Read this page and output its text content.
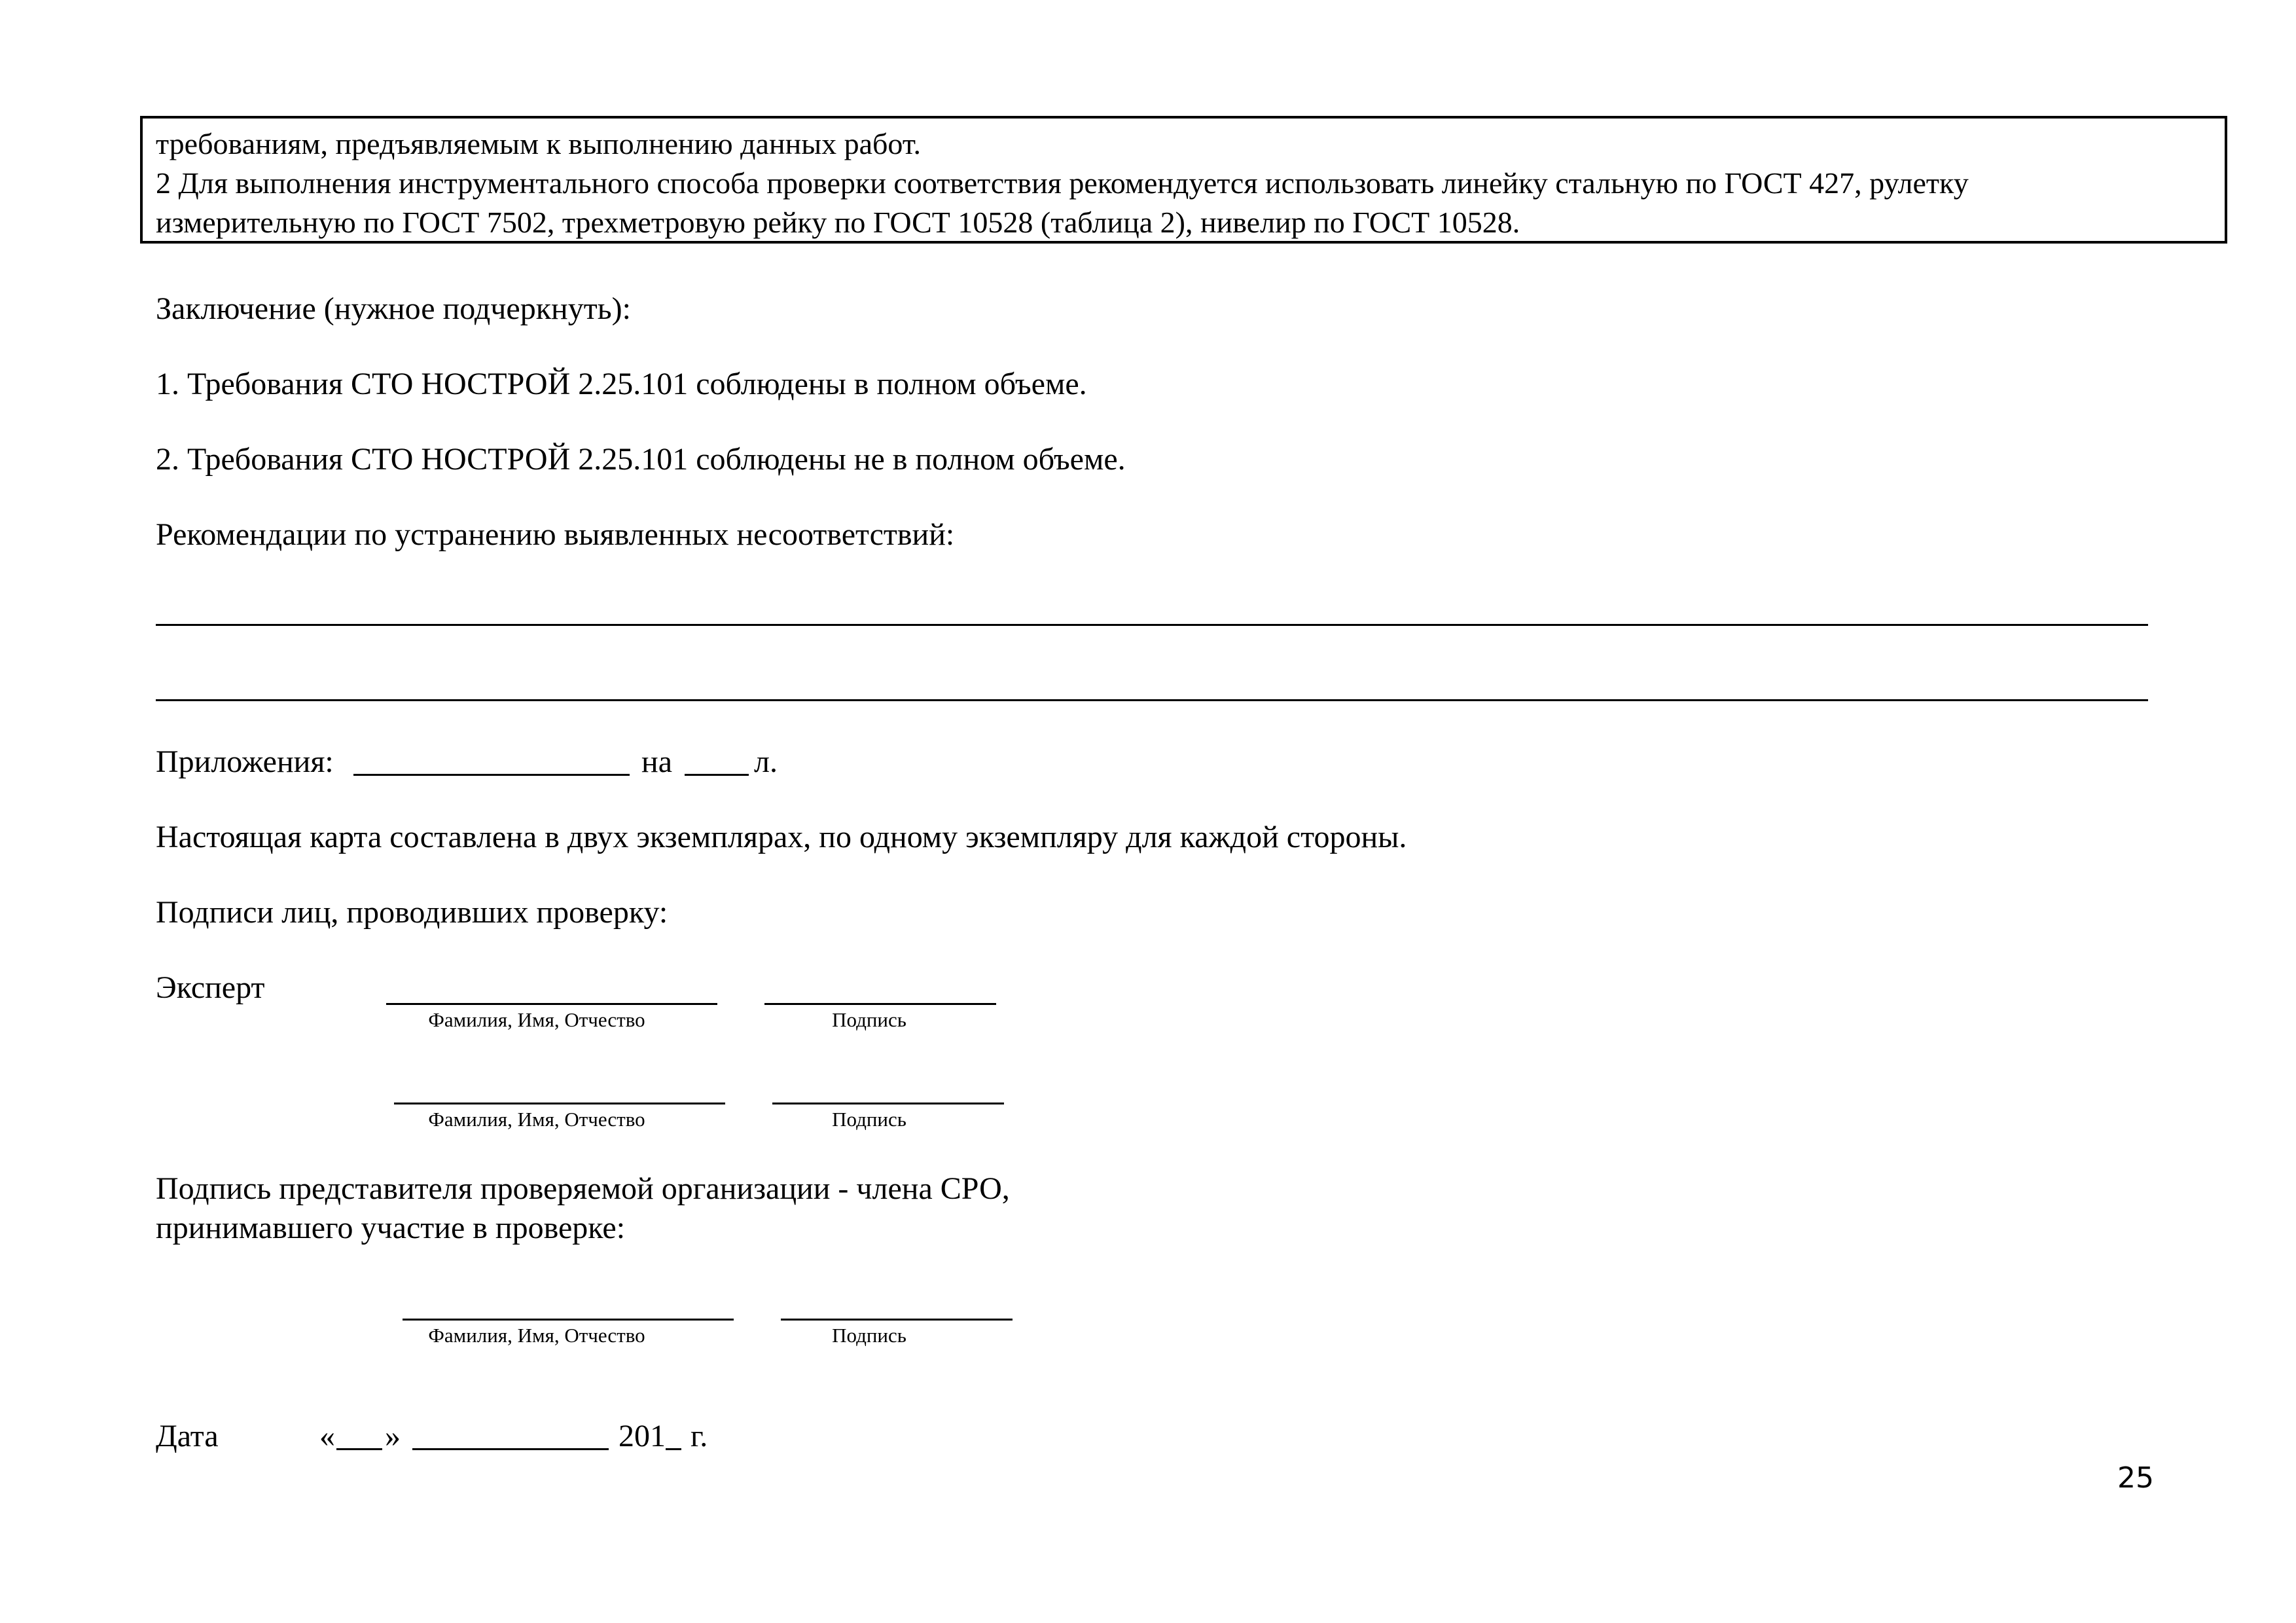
требованиям, предъявляемым к выполнению данных работ.
2 Для выполнения инструментального способа проверки соответствия рекомендуется использовать линейку стальную по ГОСТ 427, рулетку
измерительную по ГОСТ 7502, трехметровую рейку по ГОСТ 10528 (таблица 2), нивелир по ГОСТ 10528.
Заключение (нужное подчеркнуть):
1. Требования СТО НОСТРОЙ 2.25.101 соблюдены в полном объеме.
2. Требования СТО НОСТРОЙ 2.25.101 соблюдены не в полном объеме.
Рекомендации по устранению выявленных несоответствий:
Приложения:	на	л.
Настоящая карта составлена в двух экземплярах, по одному экземпляру для каждой стороны.
Подписи лиц, проводивших проверку:
Эксперт
Фамилия, Имя, Отчество	Подпись
Фамилия, Имя, Отчество	Подпись
Подпись представителя проверяемой организации - члена СРО,
принимавшего участие в проверке:
Фамилия, Имя, Отчество	Подпись
Дата	« »	201 г.
25
